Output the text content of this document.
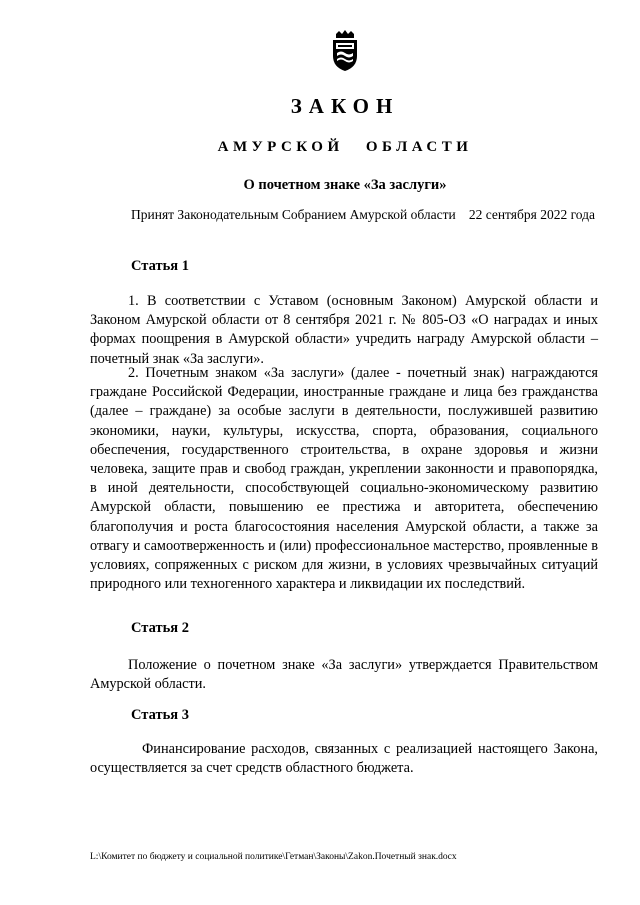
ЗАКОН
АМУРСКОЙ ОБЛАСТИ
О почетном знаке «За заслуги»
Принят Законодательным Собранием Амурской области 22 сентября 2022 года
Статья 1

1. В соответствии с Уставом (основным Законом) Амурской области и Законом Амурской области от 8 сентября 2021 г. № 805-ОЗ «О наградах и иных формах поощрения в Амурской области» учредить награду Амурской области – почетный знак «За заслуги».

2. Почетным знаком «За заслуги» (далее - почетный знак) награждаются граждане Российской Федерации, иностранные граждане и лица без гражданства (далее – граждане) за особые заслуги в деятельности, послужившей развитию экономики, науки, культуры, искусства, спорта, образования, социального обеспечения, государственного строительства, в охране здоровья и жизни человека, защите прав и свобод граждан, укреплении законности и правопорядка, в иной деятельности, способствующей социально-экономическому развитию Амурской области, повышению ее престижа и авторитета, обеспечению благополучия и роста благосостояния населения Амурской области, а также за отвагу и самоотверженность и (или) профессиональное мастерство, проявленные в условиях, сопряженных с риском для жизни, в условиях чрезвычайных ситуаций природного или техногенного характера и ликвидации их последствий.

Статья 2

Положение о почетном знаке «За заслуги» утверждается Правительством Амурской области.

Статья 3

Финансирование расходов, связанных с реализацией настоящего Закона, осуществляется за счет средств областного бюджета.

L:\Комитет по бюджету и социальной политике\Гетман\Законы\Zakon.Почетный знак.docx
